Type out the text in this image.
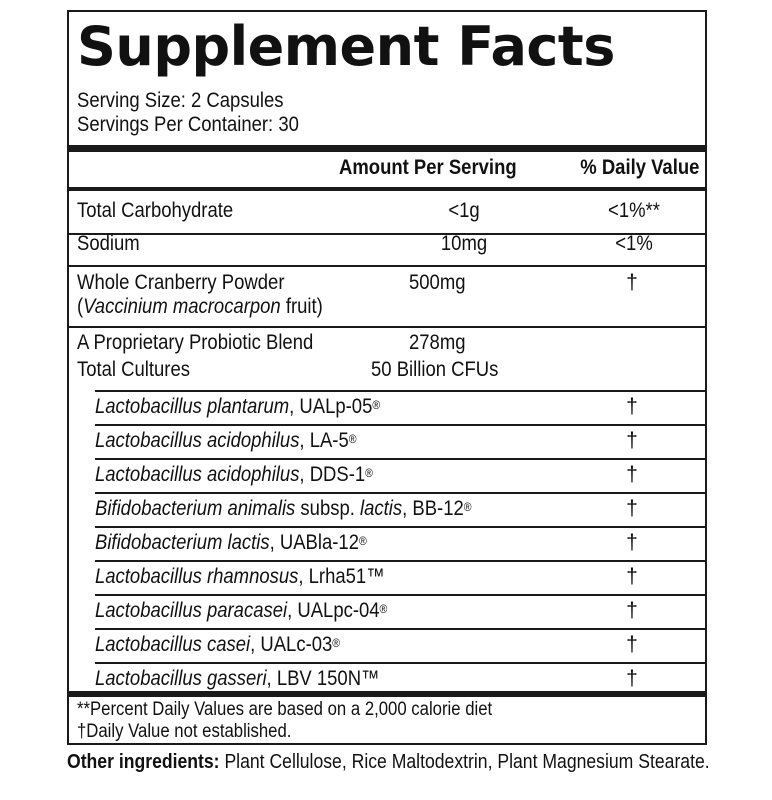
Supplement Facts
Serving Size: 2 Capsules
Servings Per Container: 30
Amount Per Serving	% Daily Value
Total Carbohydrate	<1g	<1%**
Sodium	10mg	<1%
Whole Cranberry Powder
(Vaccinium macrocarpon fruit)
500mg	†
A Proprietary Probiotic Blend	278mg
Total Cultures	50 Billion CFUs
Lactobacillus plantarum, UALp-05®	†
Lactobacillus acidophilus, LA-5®	†
Lactobacillus acidophilus, DDS-1®	†
Bifidobacterium animalis subsp. lactis, BB-12®	†
Bifidobacterium lactis, UABla-12®	†
Lactobacillus rhamnosus, Lrha51™	†
Lactobacillus paracasei, UALpc-04®	†
Lactobacillus casei, UALc-03®	†
Lactobacillus gasseri, LBV 150N™	†
**Percent Daily Values are based on a 2,000 calorie diet
†Daily Value not established.
Other ingredients: Plant Cellulose, Rice Maltodextrin, Plant Magnesium Stearate.
